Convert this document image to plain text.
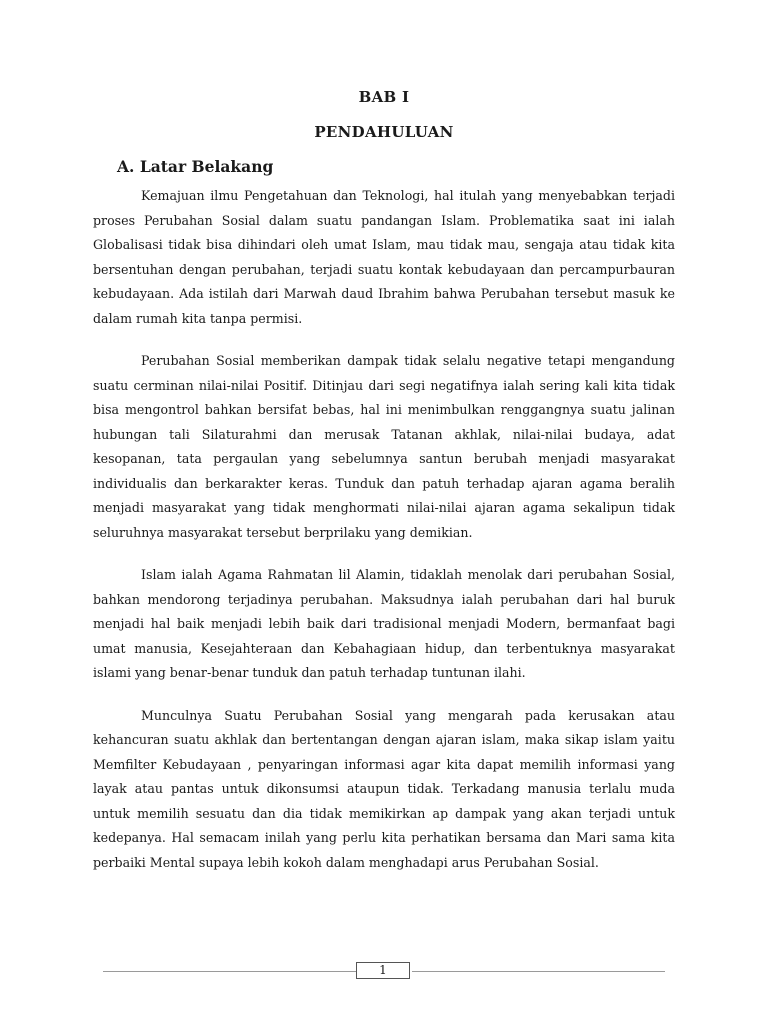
BAB I
PENDAHULUAN
A. Latar Belakang

Kemajuan ilmu Pengetahuan dan Teknologi, hal itulah yang menyebabkan terjadi proses Perubahan Sosial dalam suatu pandangan Islam. Problematika saat ini ialah Globalisasi tidak bisa dihindari oleh umat Islam, mau tidak mau, sengaja atau tidak kita bersentuhan dengan perubahan, terjadi suatu kontak kebudayaan dan percampurbauran kebudayaan. Ada istilah dari Marwah daud Ibrahim bahwa Perubahan tersebut masuk ke dalam rumah kita tanpa permisi.

Perubahan Sosial memberikan dampak tidak selalu negative tetapi mengandung suatu cerminan nilai-nilai Positif. Ditinjau dari segi negatifnya ialah sering kali kita tidak bisa mengontrol bahkan bersifat bebas, hal ini menimbulkan renggangnya suatu jalinan hubungan tali Silaturahmi dan merusak Tatanan akhlak, nilai-nilai budaya, adat kesopanan, tata pergaulan yang sebelumnya santun berubah menjadi masyarakat individualis dan berkarakter keras. Tunduk dan patuh terhadap ajaran agama beralih menjadi masyarakat yang tidak menghormati nilai-nilai ajaran agama sekalipun tidak seluruhnya masyarakat tersebut berprilaku yang demikian.

Islam ialah Agama Rahmatan lil Alamin, tidaklah menolak dari perubahan Sosial, bahkan mendorong terjadinya perubahan. Maksudnya ialah perubahan dari hal buruk menjadi hal baik menjadi lebih baik dari tradisional menjadi Modern, bermanfaat bagi umat manusia, Kesejahteraan dan Kebahagiaan hidup, dan terbentuknya masyarakat islami yang benar-benar tunduk dan patuh terhadap tuntunan ilahi.

Munculnya Suatu Perubahan Sosial yang mengarah pada kerusakan atau kehancuran suatu akhlak dan bertentangan dengan ajaran islam, maka sikap islam yaitu Memfilter Kebudayaan , penyaringan informasi agar kita dapat memilih informasi yang layak atau pantas untuk dikonsumsi ataupun tidak. Terkadang manusia terlalu muda untuk memilih sesuatu dan dia tidak memikirkan ap dampak yang akan terjadi untuk kedepanya. Hal semacam inilah yang perlu kita perhatikan bersama dan Mari sama kita perbaiki Mental supaya lebih kokoh dalam menghadapi arus Perubahan Sosial.

1
